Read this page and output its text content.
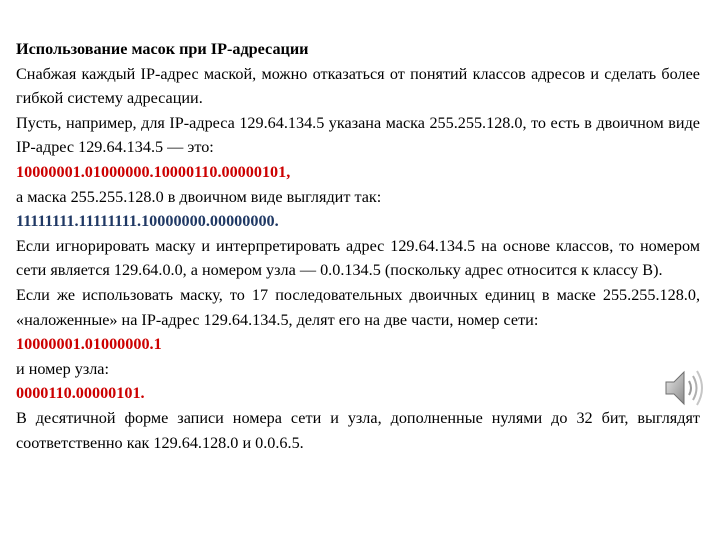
Использование масок при IP-адресации

Снабжая каждый IP-адрес маской, можно отказаться от понятий классов адресов и сделать более гибкой систему адресации.

Пусть, например, для IP-адреса 129.64.134.5 указана маска 255.255.128.0, то есть в двоичном виде IP-адрес 129.64.134.5 — это:

10000001.01000000.10000110.00000101,

а маска 255.255.128.0 в двоичном виде выглядит так:

11111111.11111111.10000000.00000000.

Если игнорировать маску и интерпретировать адрес 129.64.134.5 на основе классов, то номером сети является 129.64.0.0, а номером узла — 0.0.134.5 (поскольку адрес относится к классу B).

Если же использовать маску, то 17 последовательных двоичных единиц в маске 255.255.128.0, «наложенные» на IP-адрес 129.64.134.5, делят его на две части, номер сети:

10000001.01000000.1

и номер узла:

0000110.00000101.

В десятичной форме записи номера сети и узла, дополненные нулями до 32 бит, выглядят соответственно как 129.64.128.0 и 0.0.6.5.
